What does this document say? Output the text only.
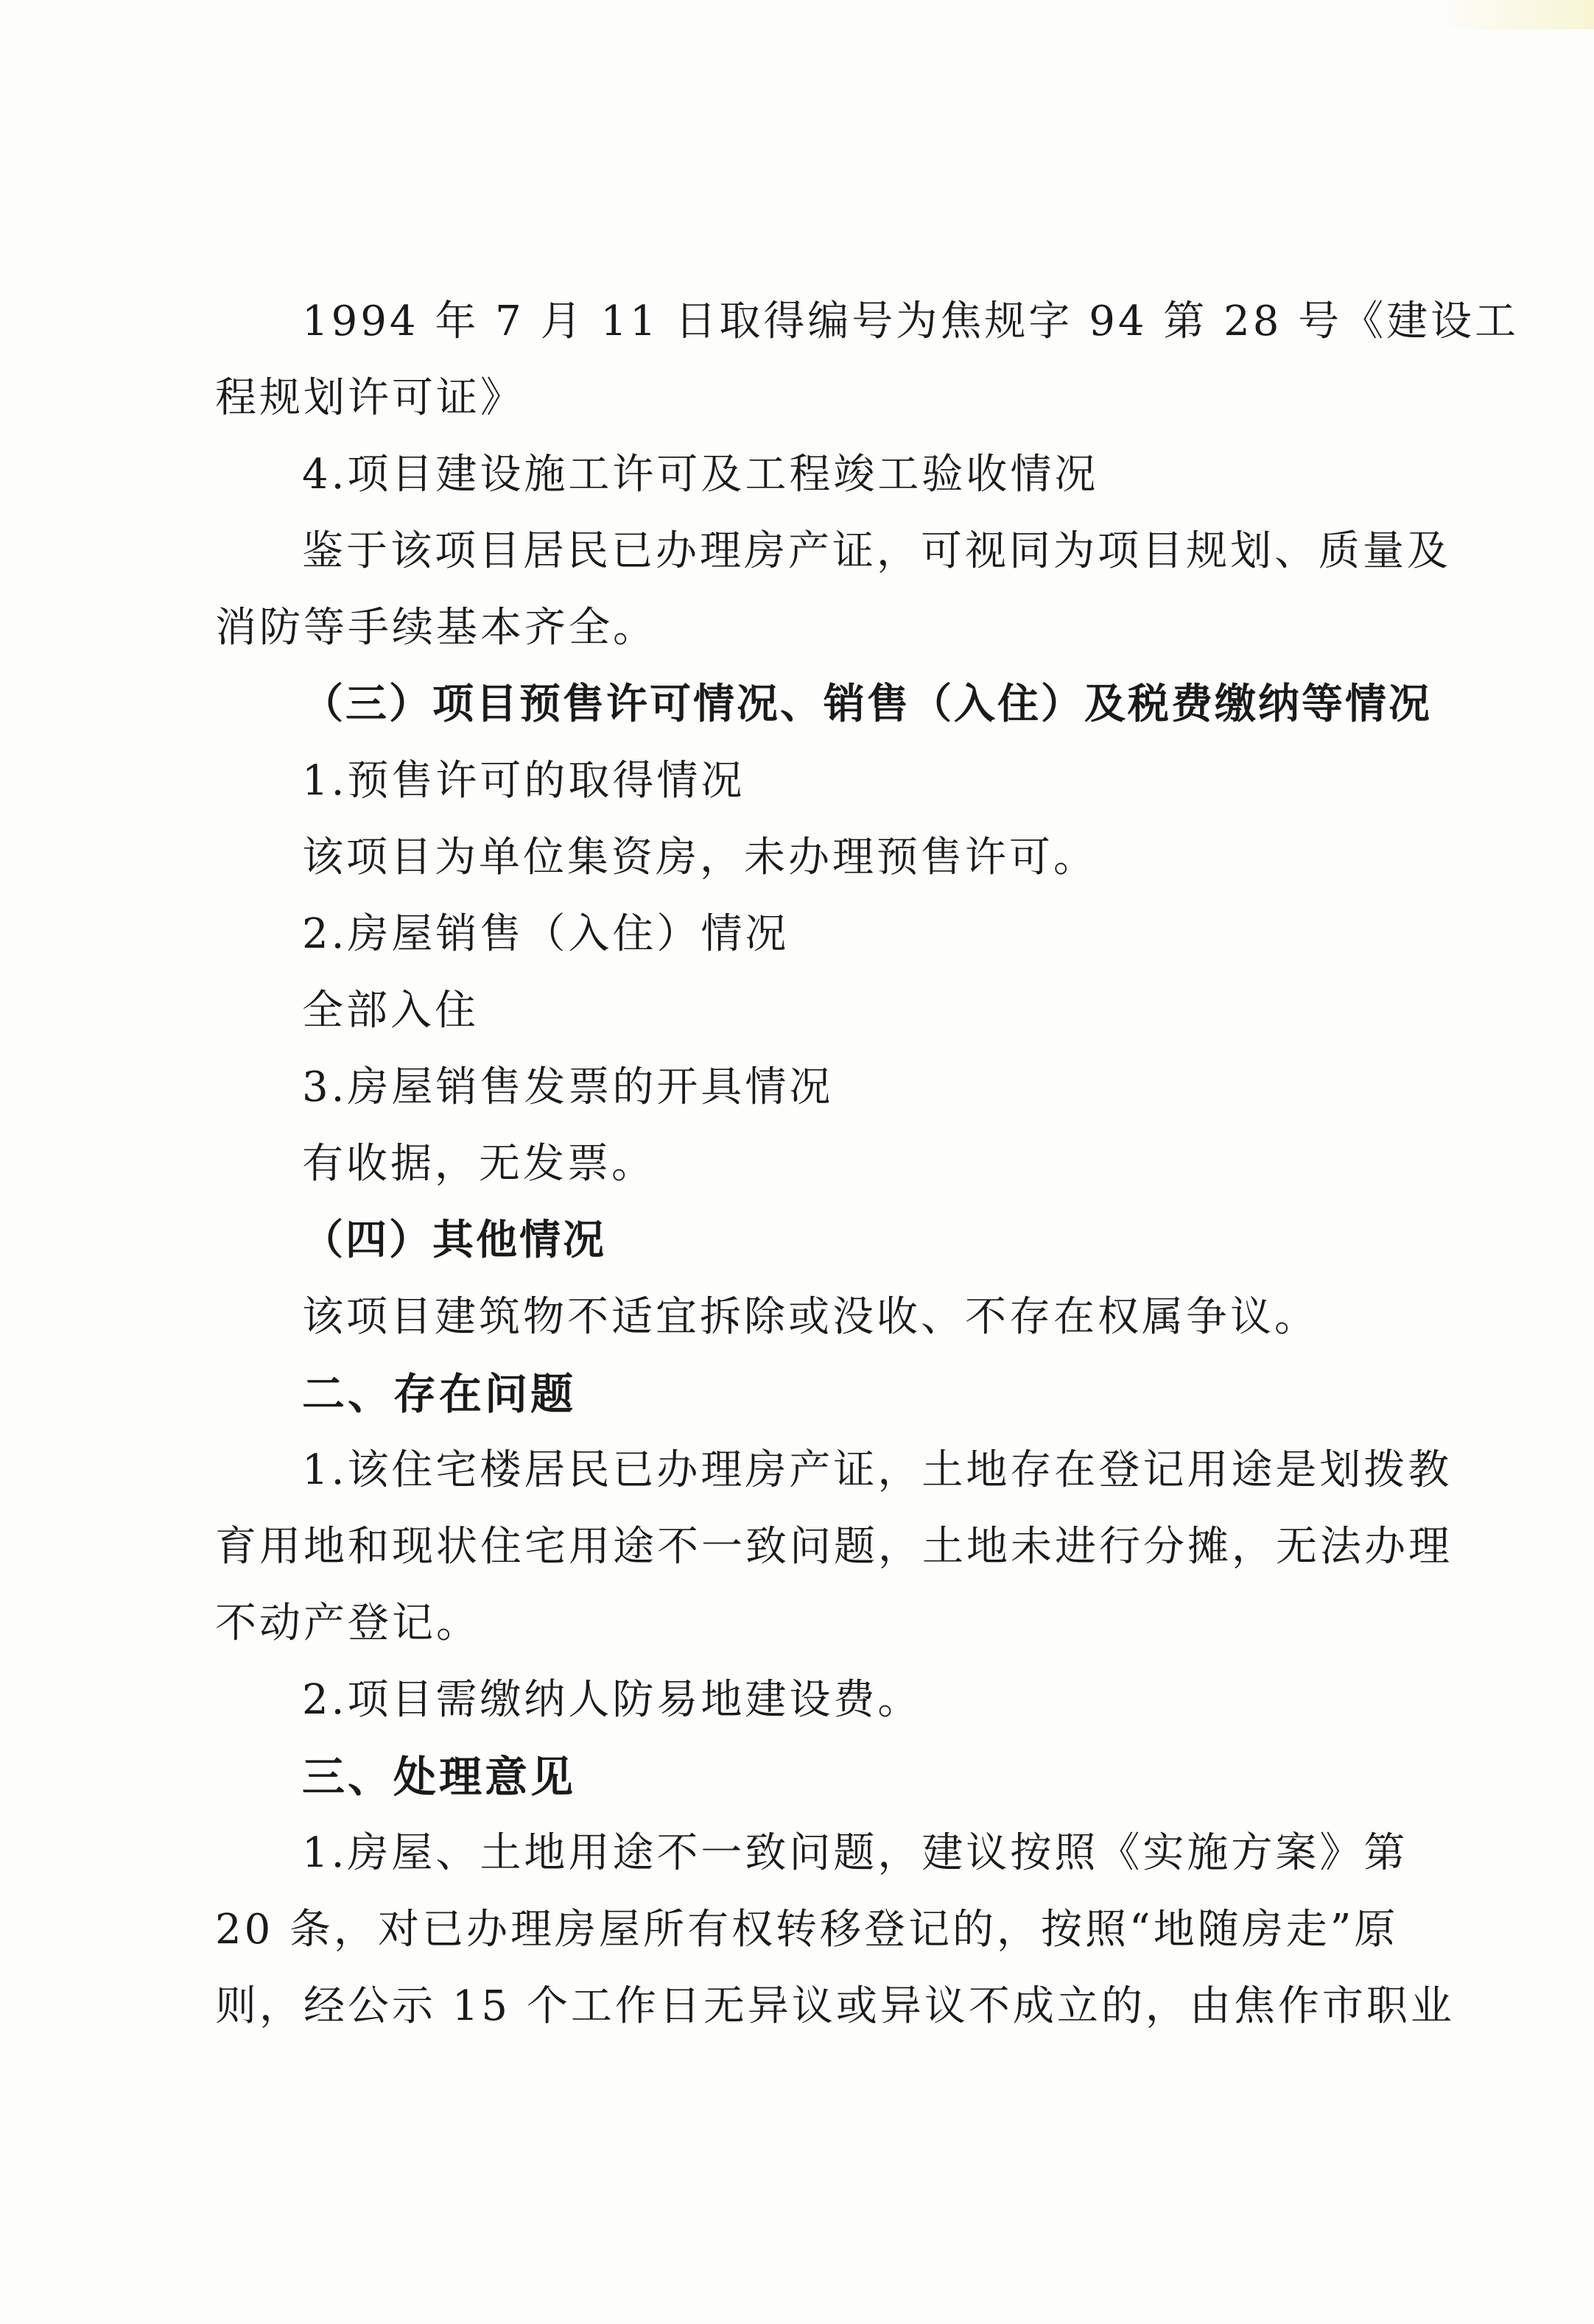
1994 年 7 月 11 日取得编号为焦规字 94 第 28 号《建设工
程规划许可证》
4.项目建设施工许可及工程竣工验收情况
鉴于该项目居民已办理房产证，可视同为项目规划、质量及
消防等手续基本齐全。
（三）项目预售许可情况、销售（入住）及税费缴纳等情况
1.预售许可的取得情况
该项目为单位集资房，未办理预售许可。
2.房屋销售（入住）情况
全部入住
3.房屋销售发票的开具情况
有收据，无发票。
（四）其他情况
该项目建筑物不适宜拆除或没收、不存在权属争议。
二、存在问题
1.该住宅楼居民已办理房产证，土地存在登记用途是划拨教
育用地和现状住宅用途不一致问题，土地未进行分摊，无法办理
不动产登记。
2.项目需缴纳人防易地建设费。
三、处理意见
1.房屋、土地用途不一致问题，建议按照《实施方案》第
20 条，对已办理房屋所有权转移登记的，按照“地随房走”原
则，经公示 15 个工作日无异议或异议不成立的，由焦作市职业
